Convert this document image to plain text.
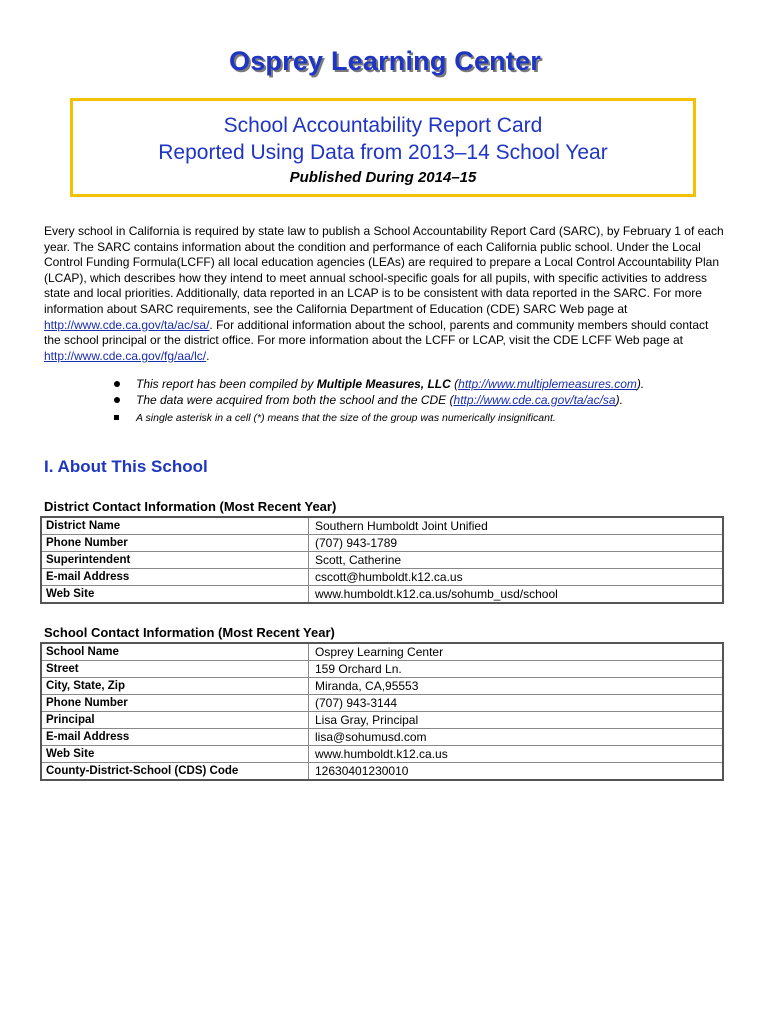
Osprey Learning Center
School Accountability Report Card
Reported Using Data from 2013–14 School Year
Published During 2014–15
Every school in California is required by state law to publish a School Accountability Report Card (SARC), by February 1 of each year. The SARC contains information about the condition and performance of each California public school. Under the Local Control Funding Formula(LCFF) all local education agencies (LEAs) are required to prepare a Local Control Accountability Plan (LCAP), which describes how they intend to meet annual school-specific goals for all pupils, with specific activities to address state and local priorities. Additionally, data reported in an LCAP is to be consistent with data reported in the SARC. For more information about SARC requirements, see the California Department of Education (CDE) SARC Web page at http://www.cde.ca.gov/ta/ac/sa/. For additional information about the school, parents and community members should contact the school principal or the district office. For more information about the LCFF or LCAP, visit the CDE LCFF Web page at http://www.cde.ca.gov/fg/aa/lc/.
This report has been compiled by Multiple Measures, LLC (http://www.multiplemeasures.com).
The data were acquired from both the school and the CDE (http://www.cde.ca.gov/ta/ac/sa).
A single asterisk in a cell (*) means that the size of the group was numerically insignificant.
I. About This School
District Contact Information (Most Recent Year)
District Name	Southern Humboldt Joint Unified
Phone Number	(707) 943-1789
Superintendent	Scott, Catherine
E-mail Address	cscott@humboldt.k12.ca.us
Web Site	www.humboldt.k12.ca.us/sohumb_usd/school
School Contact Information (Most Recent Year)
School Name	Osprey Learning Center
Street	159 Orchard Ln.
City, State, Zip	Miranda, CA,95553
Phone Number	(707) 943-3144
Principal	Lisa Gray, Principal
E-mail Address	lisa@sohumusd.com
Web Site	www.humboldt.k12.ca.us
County-District-School (CDS) Code	12630401230010
